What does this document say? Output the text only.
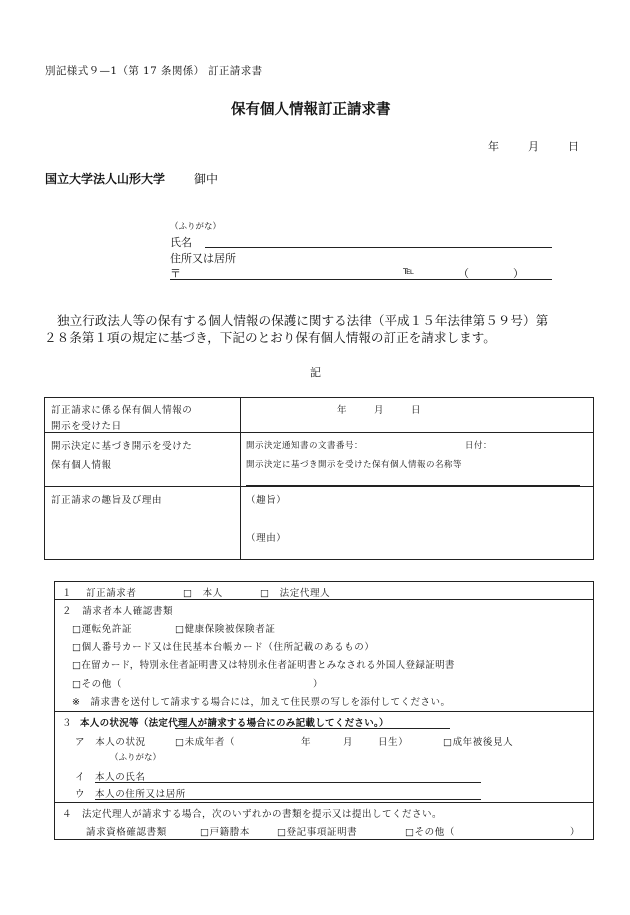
別記様式９—1（第 17 条関係） 訂正請求書
保有個人情報訂正請求書
年	月	日
国立大学法人山形大学 御中
（ふりがな）
氏名
住所又は居所
〒	℡	（　　　　）
独立行政法人等の保有する個人情報の保護に関する法律（平成１５年法律第５９号）第
２８条第１項の規定に基づき，下記のとおり保有個人情報の訂正を請求します。
記
訂正請求に係る保有個人情報の
開示を受けた日
年	月	日
開示決定に基づき開示を受けた
保有個人情報
開示決定通知書の文書番号：	日付：
開示決定に基づき開示を受けた保有個人情報の名称等
訂正請求の趣旨及び理由	（趣旨）
（理由）
１ 訂正請求者	□　本人	□　法定代理人
２　請求者本人確認書類
□運転免許証	□健康保険被保険者証
□個人番号カード又は住民基本台帳カード（住所記載のあるもの）
□在留カード，特別永住者証明書又は特別永住者証明書とみなされる外国人登録証明書
□その他（	）
※　請求書を送付して請求する場合には，加えて住民票の写しを添付してください。
３ 本人の状況等（法定代理人が請求する場合にのみ記載してください。）
ア　本人の状況	□未成年者（	年	月	日生）	□成年被後見人
（ふりがな）
イ 本人の氏名
ウ 本人の住所又は居所
４　法定代理人が請求する場合，次のいずれかの書類を提示又は提出してください。
請求資格確認書類	□戸籍謄本	□登記事項証明書	□その他（	）
